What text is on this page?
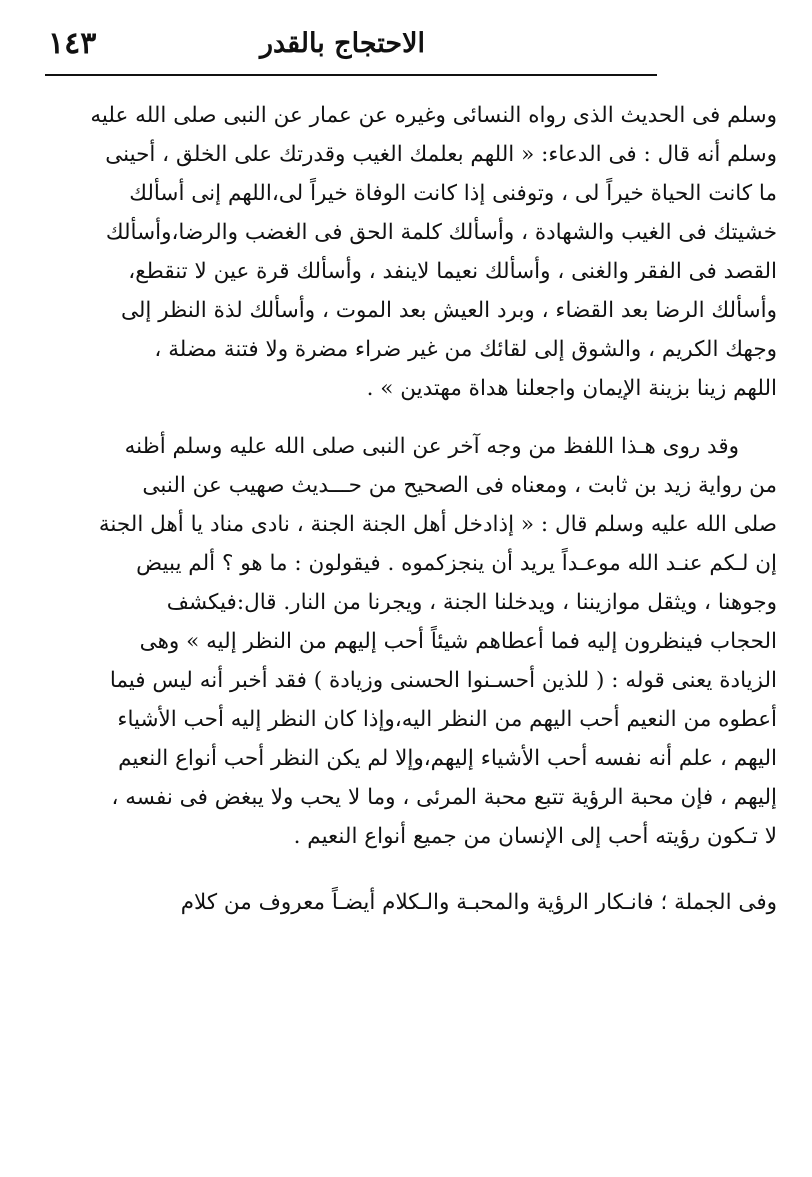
الاحتجاج بالقدر
١٤٣
وسلم فى الحديث الذى رواه النسائى وغيره عن عمار عن النبى صلى الله عليه
وسلم أنه قال : فى الدعاء: « اللهم بعلمك الغيب وقدرتك على الخلق ، أحينى
ما كانت الحياة خيراً لى ، وتوفنى إذا كانت الوفاة خيراً لى،اللهم إنى أسألك
خشيتك فى الغيب والشهادة ، وأسألك كلمة الحق فى الغضب والرضا،وأسألك
القصد فى الفقر والغنى ، وأسألك نعيما لاينفد ، وأسألك قرة عين لا تنقطع،
وأسألك الرضا بعد القضاء ، وبرد العيش بعد الموت ، وأسألك لذة النظر إلى
وجهك الكريم ، والشوق إلى لقائك من غير ضراء مضرة ولا فتنة مضلة ،
اللهم زينا بزينة الإيمان واجعلنا هداة مهتدين » .
وقد روى هـذا اللفظ من وجه آخر عن النبى صلى الله عليه وسلم أظنه
من رواية زيد بن ثابت ، ومعناه فى الصحيح من حـــديث صهيب عن النبى
صلى الله عليه وسلم قال : « إذادخل أهل الجنة الجنة ، نادى مناد يا أهل الجنة
إن لـكم عنـد الله موعـداً يريد أن ينجزكموه . فيقولون : ما هو ؟ ألم يبيض
وجوهنا ، ويثقل موازيننا ، ويدخلنا الجنة ، ويجرنا من النار. قال:فيكشف
الحجاب فينظرون إليه فما أعطاهم شيئاً أحب إليهم من النظر إليه » وهى
الزيادة يعنى قوله : ( للذين أحسـنوا الحسنى وزيادة ) فقد أخبر أنه ليس فيما
أعطوه من النعيم أحب اليهم من النظر اليه،وإذا كان النظر إليه أحب الأشياء
اليهم ، علم أنه نفسه أحب الأشياء إليهم،وإلا لم يكن النظر أحب أنواع النعيم
إليهم ، فإن محبة الرؤية تتبع محبة المرئى ، وما لا يحب ولا يبغض فى نفسه ،
لا تـكون رؤيته أحب إلى الإنسان من جميع أنواع النعيم .
وفى الجملة ؛ فانـكار الرؤية والمحبـة والـكلام أيضـاً معروف من كلام
